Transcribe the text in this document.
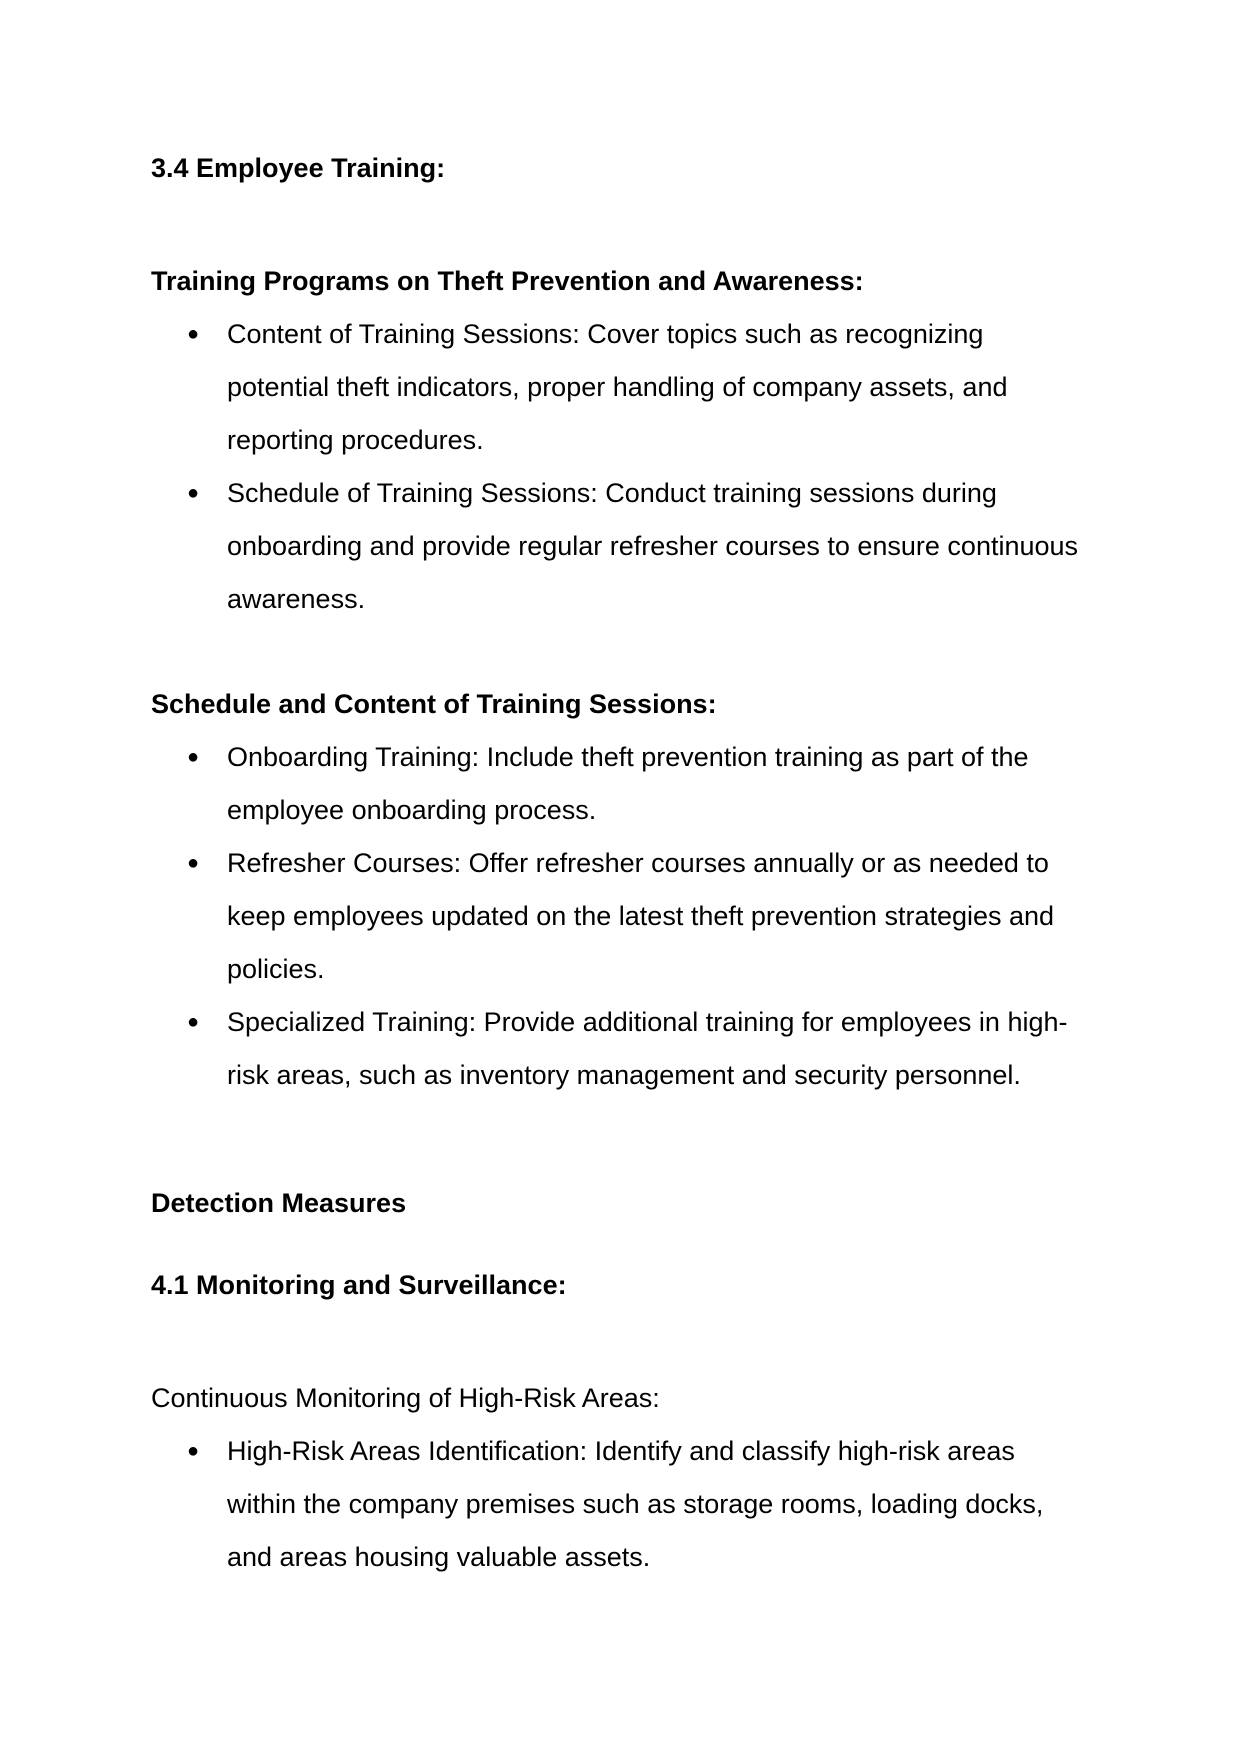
3.4 Employee Training:
Training Programs on Theft Prevention and Awareness:
● Content of Training Sessions: Cover topics such as recognizing potential theft indicators, proper handling of company assets, and reporting procedures.
● Schedule of Training Sessions: Conduct training sessions during onboarding and provide regular refresher courses to ensure continuous awareness.
Schedule and Content of Training Sessions:
● Onboarding Training: Include theft prevention training as part of the employee onboarding process.
● Refresher Courses: Offer refresher courses annually or as needed to keep employees updated on the latest theft prevention strategies and policies.
● Specialized Training: Provide additional training for employees in high-risk areas, such as inventory management and security personnel.
Detection Measures
4.1 Monitoring and Surveillance:

Continuous Monitoring of High-Risk Areas:

● High-Risk Areas Identification: Identify and classify high-risk areas within the company premises such as storage rooms, loading docks, and areas housing valuable assets.
